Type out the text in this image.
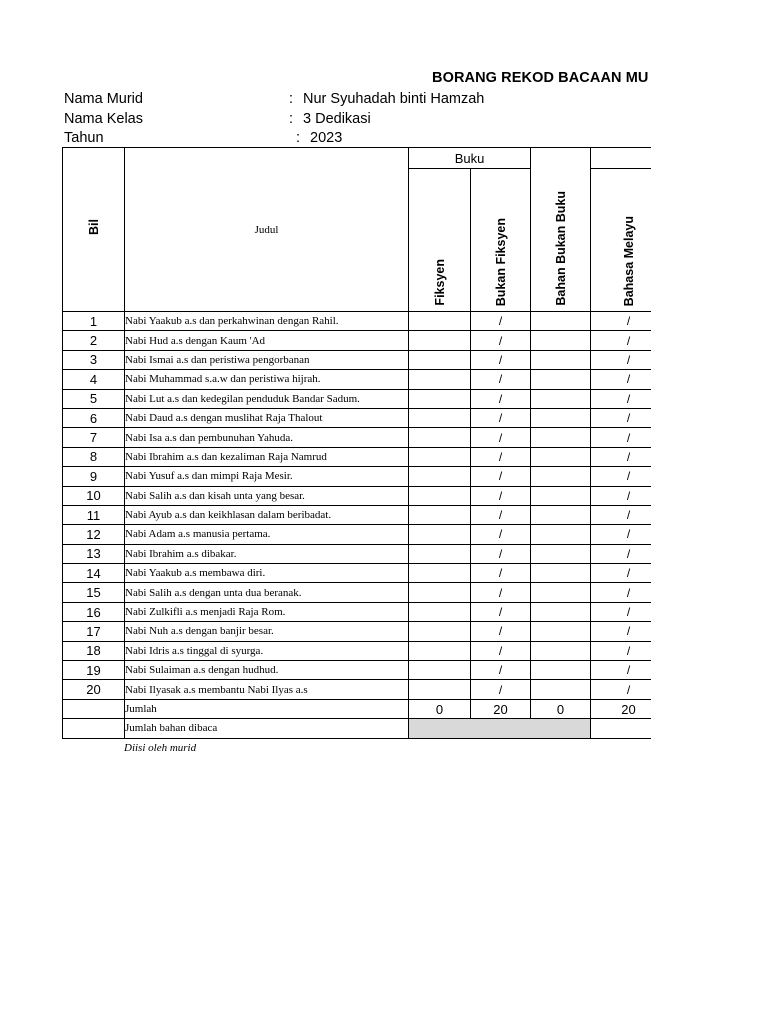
BORANG REKOD BACAAN MU
Nama Murid	: Nur Syuhadah binti Hamzah
Nama Kelas	: 3 Dedikasi
Tahun	: 2023
Bil	Judul	Buku		Bahan Bukan Buku	
		Fiksyen	Bukan Fiksyen		Bahasa Melayu
1	Nabi Yaakub a.s dan perkahwinan dengan Rahil.		/		/
2	Nabi Hud a.s dengan Kaum 'Ad		/		/
3	Nabi Ismai a.s dan peristiwa pengorbanan		/		/
4	Nabi Muhammad s.a.w dan peristiwa hijrah.		/		/
5	Nabi Lut a.s dan kedegilan penduduk Bandar Sadum.		/		/
6	Nabi Daud a.s dengan muslihat Raja Thalout		/		/
7	Nabi Isa a.s dan pembunuhan Yahuda.		/		/
8	Nabi Ibrahim a.s dan kezaliman Raja Namrud		/		/
9	Nabi Yusuf a.s dan mimpi Raja Mesir.		/		/
10	Nabi Salih a.s dan kisah unta yang besar.		/		/
11	Nabi Ayub a.s dan keikhlasan dalam beribadat.		/		/
12	Nabi Adam a.s manusia pertama.		/		/
13	Nabi Ibrahim a.s dibakar.		/		/
14	Nabi Yaakub a.s membawa diri.		/		/
15	Nabi Salih a.s dengan unta dua beranak.		/		/
16	Nabi Zulkifli a.s menjadi Raja Rom.		/		/
17	Nabi Nuh a.s dengan banjir besar.		/		/
18	Nabi Idris a.s tinggal di syurga.		/		/
19	Nabi Sulaiman a.s dengan hudhud.		/		/
20	Nabi Ilyasak a.s membantu Nabi Ilyas a.s		/		/
	Jumlah	0	20	0	20
	Jumlah bahan dibaca				
Diisi oleh murid
